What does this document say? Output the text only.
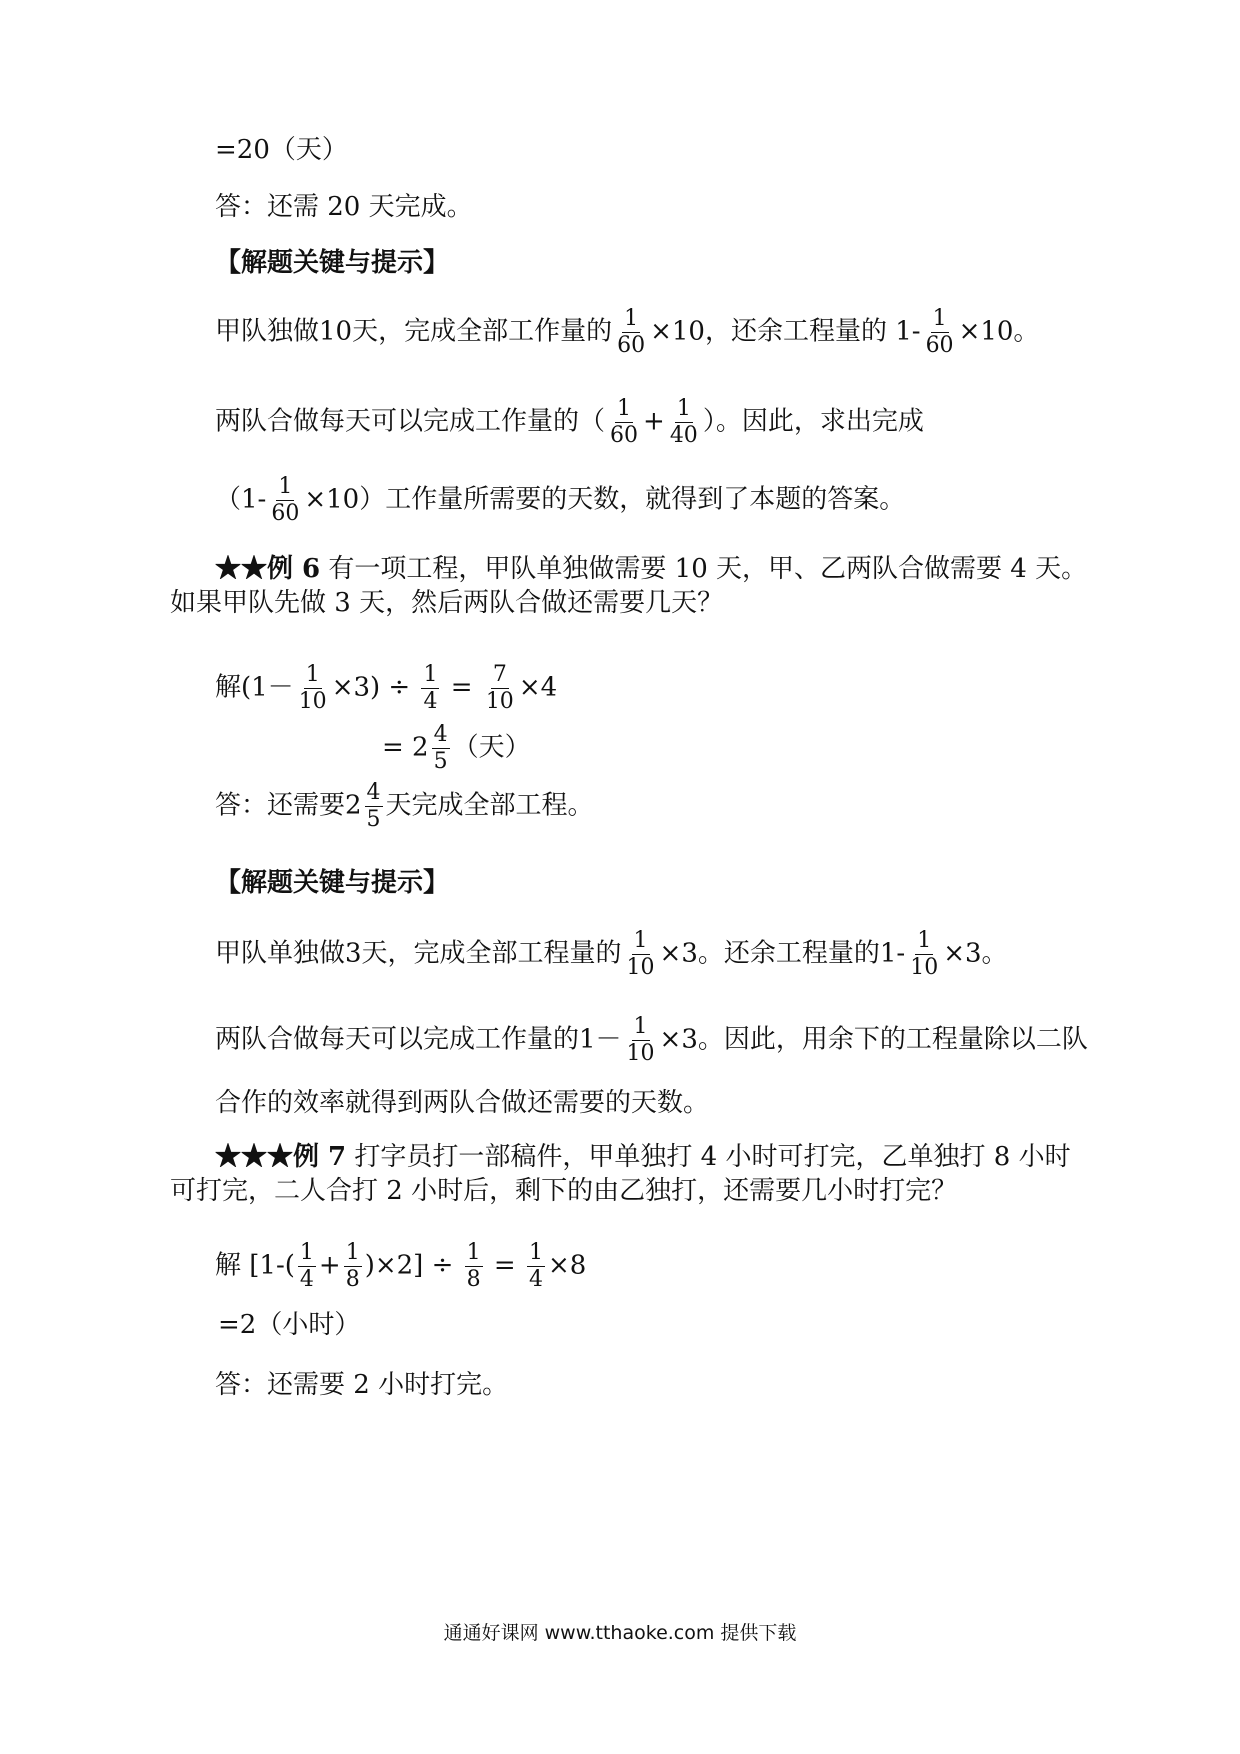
=20（天）
答：还需 20 天完成。
【解题关键与提示】
甲队独做10天，完成全部工作量的 $\frac{1}{60} \times 10$，还余工程量的 $1- \frac{1}{60} \times 10$。
两队合做每天可以完成工作量的（ $\frac{1}{60} + \frac{1}{40}$ ）。因此，求出完成
$(1- \frac{1}{60} \times 10)$工作量所需要的天数，就得到了本题的答案。
★★例 6 有一项工程，甲队单独做需要 10 天，甲、乙两队合做需要 4 天。
如果甲队先做 3 天，然后两队合做还需要几天？
解$(1- \frac{1}{10} \times 3) \div \frac{1}{4} = \frac{7}{10} \times 4$
= $2 \frac{4}{5}$ （天）
答：还需要$2 \frac{4}{5}$ 天完成全部工程。
【解题关键与提示】
甲队单独做3天，完成全部工程量的 $\frac{1}{10} \times 3$。还余工程量的$1- \frac{1}{10} \times 3$。
两队合做每天可以完成工作量的$1- \frac{1}{10} \times 3$。因此，用余下的工程量除以二队
合作的效率就得到两队合做还需要的天数。
★★★例 7 打字员打一部稿件，甲单独打 4 小时可打完，乙单独打 8 小时
可打完，二人合打 2 小时后，剩下的由乙独打，还需要几小时打完？
解 $[1-( \frac{1}{4} + \frac{1}{8} )\times 2] \div \frac{1}{8} = \frac{1}{4} \times 8$
=2（小时）
答：还需要 2 小时打完。
通通好课网 www.tthaoke.com 提供下载
